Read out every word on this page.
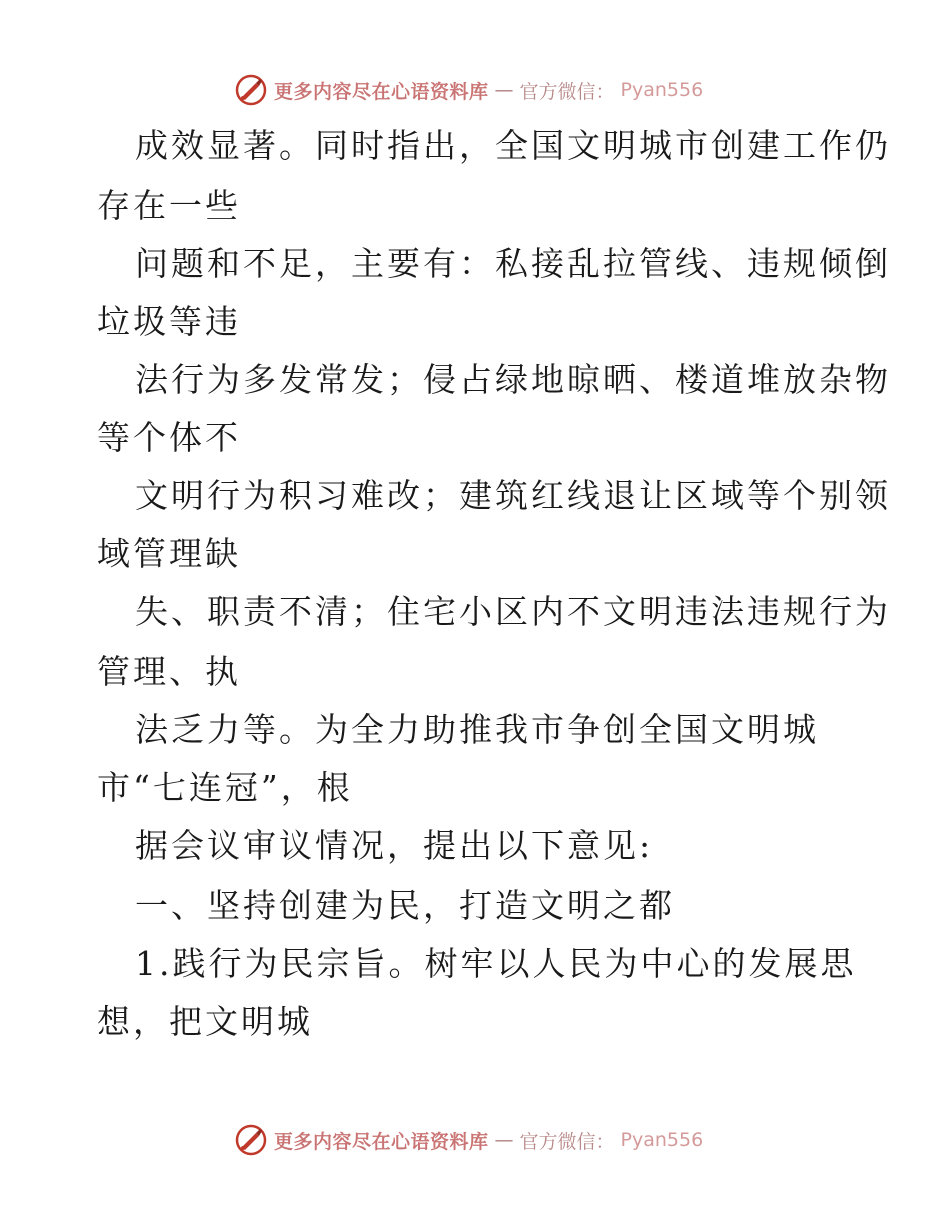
更多内容尽在心语资料库 — 官方微信： Pyan556
成效显著。同时指出，全国文明城市创建工作仍
存在一些
问题和不足，主要有：私接乱拉管线、违规倾倒
垃圾等违
法行为多发常发；侵占绿地晾晒、楼道堆放杂物
等个体不
文明行为积习难改；建筑红线退让区域等个别领
域管理缺
失、职责不清；住宅小区内不文明违法违规行为
管理、执
法乏力等。为全力助推我市争创全国文明城
市“七连冠”，根
据会议审议情况，提出以下意见:
一、坚持创建为民，打造文明之都
1.践行为民宗旨。树牢以人民为中心的发展思
想，把文明城
更多内容尽在心语资料库 — 官方微信： Pyan556
